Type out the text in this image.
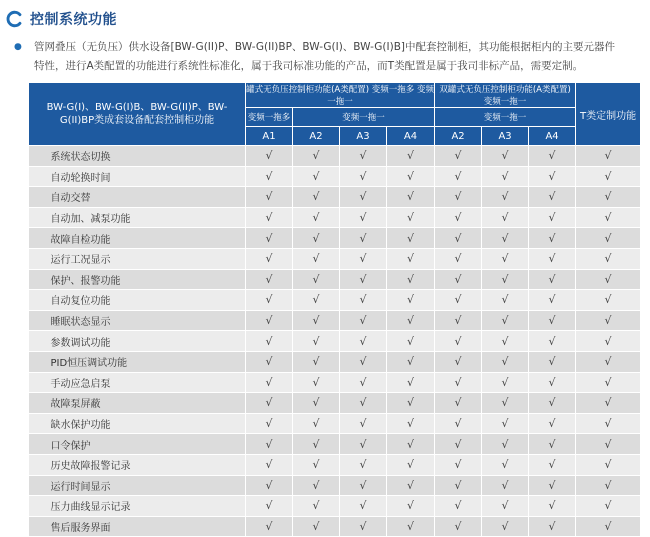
控制系统功能
● 管网叠压（无负压）供水设备[BW-G(II)P、BW-G(II)BP、BW-G(I)、BW-G(I)B]中配套控制柜，其功能根据柜内的主要元器件
特性，进行A类配置的功能进行系统性标准化，属于我司标准功能的产品，而T类配置是属于我司非标产品，需要定制。
BW-G(I)、BW-G(I)B、BW-G(II)P、BW-G(II)BP类成套设备配套控制柜功能	罐式无负压控制柜功能(A类配置) 变频一拖多 变频一拖一				双罐式无负压控制柜功能(A类配置) 变频一拖一			T类定制功能
	变频一拖多	变频一拖一			变频一拖一			
	A1	A2	A3	A4	A2	A3	A4	
系统状态切换	√	√	√	√	√	√	√	√
自动轮换时间	√	√	√	√	√	√	√	√
自动交替	√	√	√	√	√	√	√	√
自动加、减泵功能	√	√	√	√	√	√	√	√
故障自检功能	√	√	√	√	√	√	√	√
运行工况显示	√	√	√	√	√	√	√	√
保护、报警功能	√	√	√	√	√	√	√	√
自动复位功能	√	√	√	√	√	√	√	√
睡眠状态显示	√	√	√	√	√	√	√	√
参数调试功能	√	√	√	√	√	√	√	√
PID恒压调试功能	√	√	√	√	√	√	√	√
手动应急启泵	√	√	√	√	√	√	√	√
故障泵屏蔽	√	√	√	√	√	√	√	√
缺水保护功能	√	√	√	√	√	√	√	√
口令保护	√	√	√	√	√	√	√	√
历史故障报警记录	√	√	√	√	√	√	√	√
运行时间显示	√	√	√	√	√	√	√	√
压力曲线显示记录	√	√	√	√	√	√	√	√
售后服务界面	√	√	√	√	√	√	√	√
